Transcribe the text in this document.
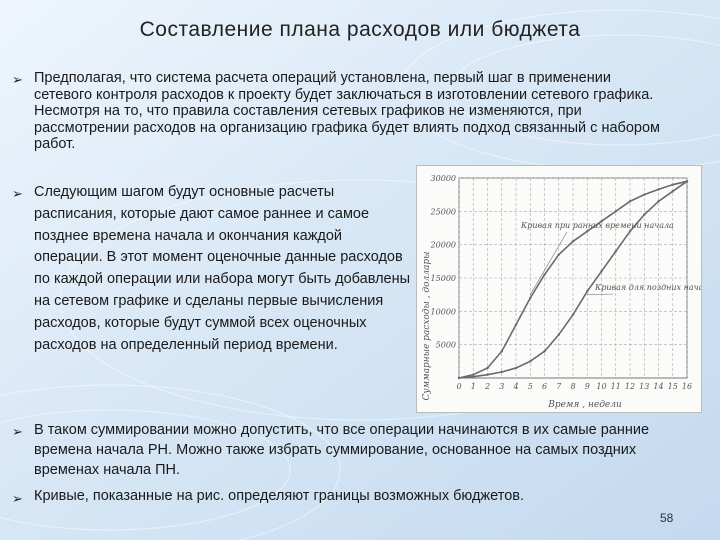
Составление плана расходов или бюджета
➢ Предполагая, что система расчета операций установлена, первый шаг в применении сетевого контроля расходов к проекту будет заключаться в изготовлении сетевого графика. Несмотря на то, что правила составления сетевых графиков не изменяются, при рассмотрении расходов на организацию графика будет влиять подход связанный с набором работ.
➢ Следующим шагом будут основные расчеты расписания, которые дают самое раннее и самое позднее времена начала и окончания каждой операции. В этот момент оценочные данные расходов по каждой операции или набора могут быть добавлены на сетевом графике и сделаны первые вычисления расходов, которые будут суммой всех оценочных расходов на определенный период времени.	5000
10000
15000
20000
25000
30000
0 1 2 3 4 5 6 7 8 9 10 11 12 13 14 15 16
Суммарные расходы , доллары
Время , недели
Кривая при ранних времени начала
Кривая для поздних начал
➢ В таком суммировании можно допустить, что все операции начинаются в их самые ранние времена начала РН. Можно также избрать суммирование, основанное на самых поздних временах начала ПН.
➢ Кривые, показанные на рис. определяют границы возможных бюджетов.
58
